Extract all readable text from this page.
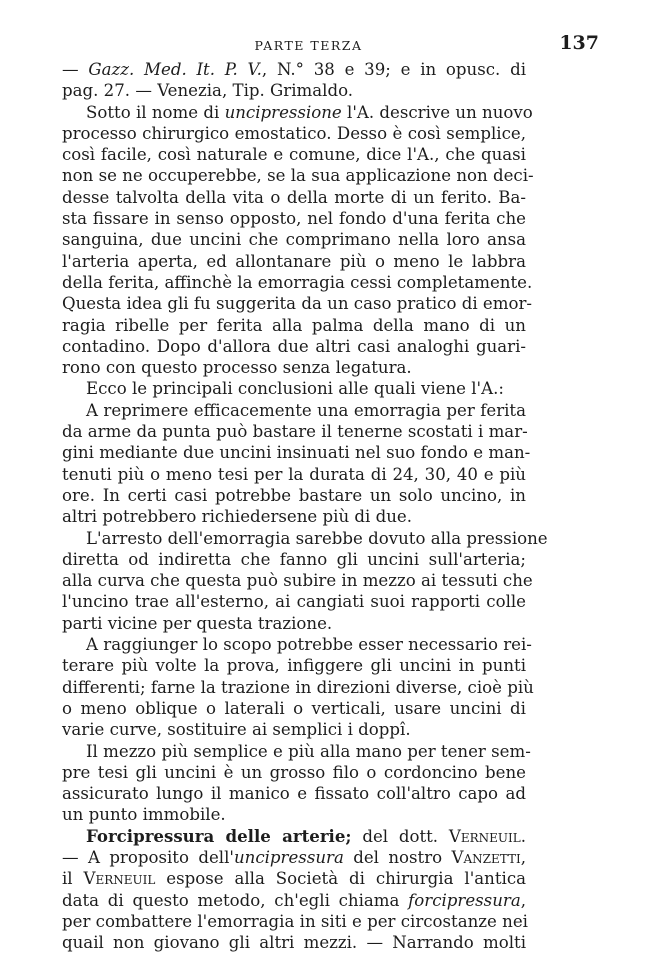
PARTE TERZA	137

— Gazz. Med. It. P. V., N.° 38 e 39; e in opusc. di
pag. 27. — Venezia, Tip. Grimaldo.

Sotto il nome di uncipressione l'A. descrive un nuovo
processo chirurgico emostatico. Desso è così semplice,
così facile, così naturale e comune, dice l'A., che quasi
non se ne occuperebbe, se la sua applicazione non deci-
desse talvolta della vita o della morte di un ferito. Ba-
sta fissare in senso opposto, nel fondo d'una ferita che
sanguina, due uncini che comprimano nella loro ansa
l'arteria aperta, ed allontanare più o meno le labbra
della ferita, affinchè la emorragia cessi completamente.
Questa idea gli fu suggerita da un caso pratico di emor-
ragia ribelle per ferita alla palma della mano di un
contadino. Dopo d'allora due altri casi analoghi guari-
rono con questo processo senza legatura.

Ecco le principali conclusioni alle quali viene l'A.:

A reprimere efficacemente una emorragia per ferita
da arme da punta può bastare il tenerne scostati i mar-
gini mediante due uncini insinuati nel suo fondo e man-
tenuti più o meno tesi per la durata di 24, 30, 40 e più
ore. In certi casi potrebbe bastare un solo uncino, in
altri potrebbero richiedersene più di due.

L'arresto dell'emorragia sarebbe dovuto alla pressione
diretta od indiretta che fanno gli uncini sull'arteria;
alla curva che questa può subire in mezzo ai tessuti che
l'uncino trae all'esterno, ai cangiati suoi rapporti colle
parti vicine per questa trazione.

A raggiunger lo scopo potrebbe esser necessario rei-
terare più volte la prova, infiggere gli uncini in punti
differenti; farne la trazione in direzioni diverse, cioè più
o meno oblique o laterali o verticali, usare uncini di
varie curve, sostituire ai semplici i doppî.

Il mezzo più semplice e più alla mano per tener sem-
pre tesi gli uncini è un grosso filo o cordoncino bene
assicurato lungo il manico e fissato coll'altro capo ad
un punto immobile.

Forcipressura delle arterie; del dott. Verneuil.
— A proposito dell'uncipressura del nostro Vanzetti,
il Verneuil espose alla Società di chirurgia l'antica
data di questo metodo, ch'egli chiama forcipressura,
per combattere l'emorragia in siti e per circostanze nei
quail non giovano gli altri mezzi. — Narrando molti
